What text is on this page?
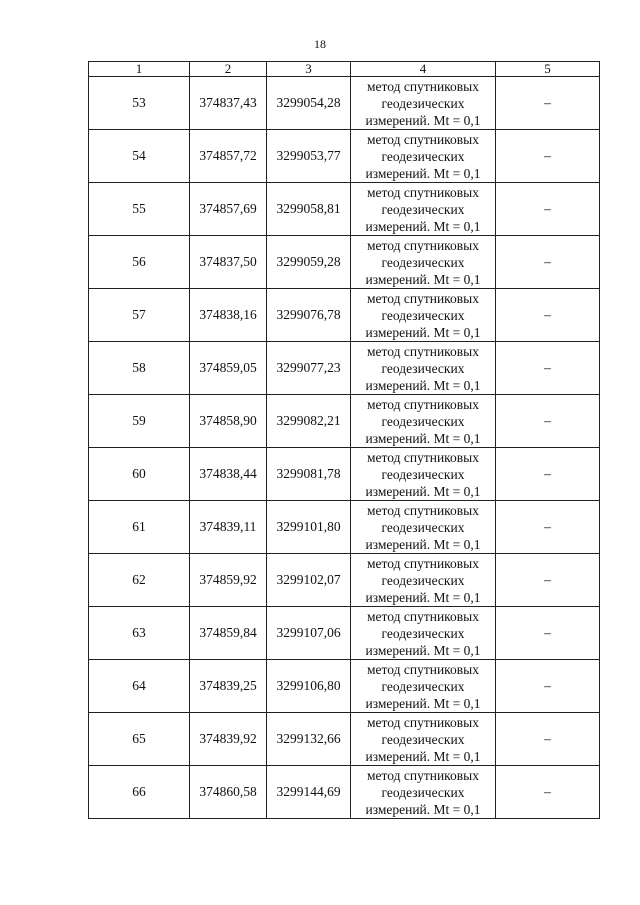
18
1	2	3	4	5
53	374837,43	3299054,28	метод спутниковых
геодезических
измерений. Mt = 0,1	–
54	374857,72	3299053,77	метод спутниковых
геодезических
измерений. Mt = 0,1	–
55	374857,69	3299058,81	метод спутниковых
геодезических
измерений. Mt = 0,1	–
56	374837,50	3299059,28	метод спутниковых
геодезических
измерений. Mt = 0,1	–
57	374838,16	3299076,78	метод спутниковых
геодезических
измерений. Mt = 0,1	–
58	374859,05	3299077,23	метод спутниковых
геодезических
измерений. Mt = 0,1	–
59	374858,90	3299082,21	метод спутниковых
геодезических
измерений. Mt = 0,1	–
60	374838,44	3299081,78	метод спутниковых
геодезических
измерений. Mt = 0,1	–
61	374839,11	3299101,80	метод спутниковых
геодезических
измерений. Mt = 0,1	–
62	374859,92	3299102,07	метод спутниковых
геодезических
измерений. Mt = 0,1	–
63	374859,84	3299107,06	метод спутниковых
геодезических
измерений. Mt = 0,1	–
64	374839,25	3299106,80	метод спутниковых
геодезических
измерений. Mt = 0,1	–
65	374839,92	3299132,66	метод спутниковых
геодезических
измерений. Mt = 0,1	–
66	374860,58	3299144,69	метод спутниковых
геодезических
измерений. Mt = 0,1	–
